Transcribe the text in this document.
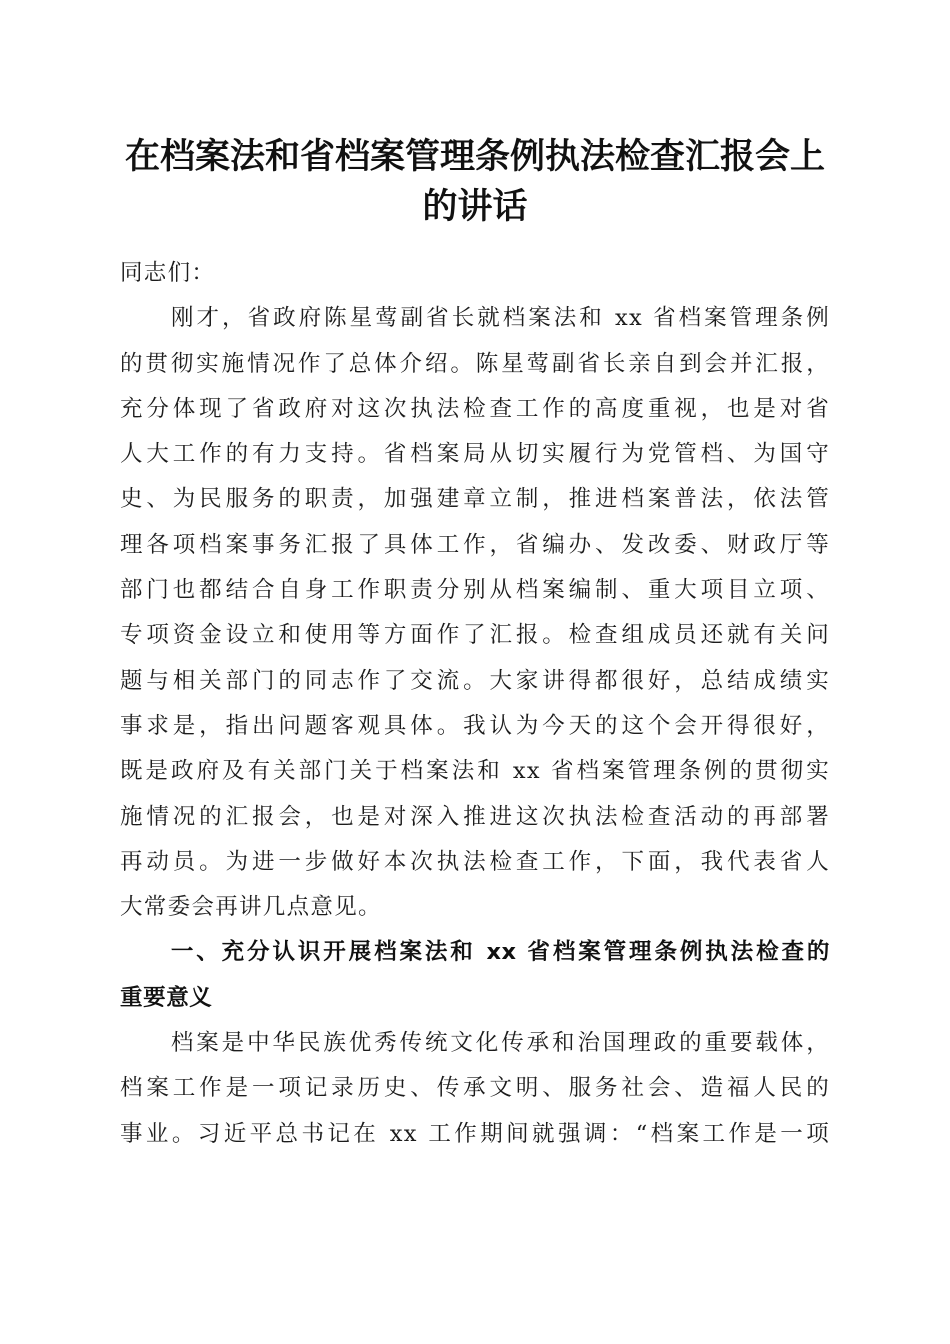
在档案法和省档案管理条例执法检查汇报会上
的讲话

同志们：

　　刚才，省政府陈星莺副省长就档案法和 xx 省档案管理条例
的贯彻实施情况作了总体介绍。陈星莺副省长亲自到会并汇报，
充分体现了省政府对这次执法检查工作的高度重视，也是对省
人大工作的有力支持。省档案局从切实履行为党管档、为国守
史、为民服务的职责，加强建章立制，推进档案普法，依法管
理各项档案事务汇报了具体工作，省编办、发改委、财政厅等
部门也都结合自身工作职责分别从档案编制、重大项目立项、
专项资金设立和使用等方面作了汇报。检查组成员还就有关问
题与相关部门的同志作了交流。大家讲得都很好，总结成绩实
事求是，指出问题客观具体。我认为今天的这个会开得很好，
既是政府及有关部门关于档案法和 xx 省档案管理条例的贯彻实
施情况的汇报会，也是对深入推进这次执法检查活动的再部署
再动员。为进一步做好本次执法检查工作，下面，我代表省人
大常委会再讲几点意见。

　　一、充分认识开展档案法和 xx 省档案管理条例执法检查的
重要意义

　　档案是中华民族优秀传统文化传承和治国理政的重要载体，
档案工作是一项记录历史、传承文明、服务社会、造福人民的
事业。习近平总书记在 xx 工作期间就强调：“档案工作是一项
